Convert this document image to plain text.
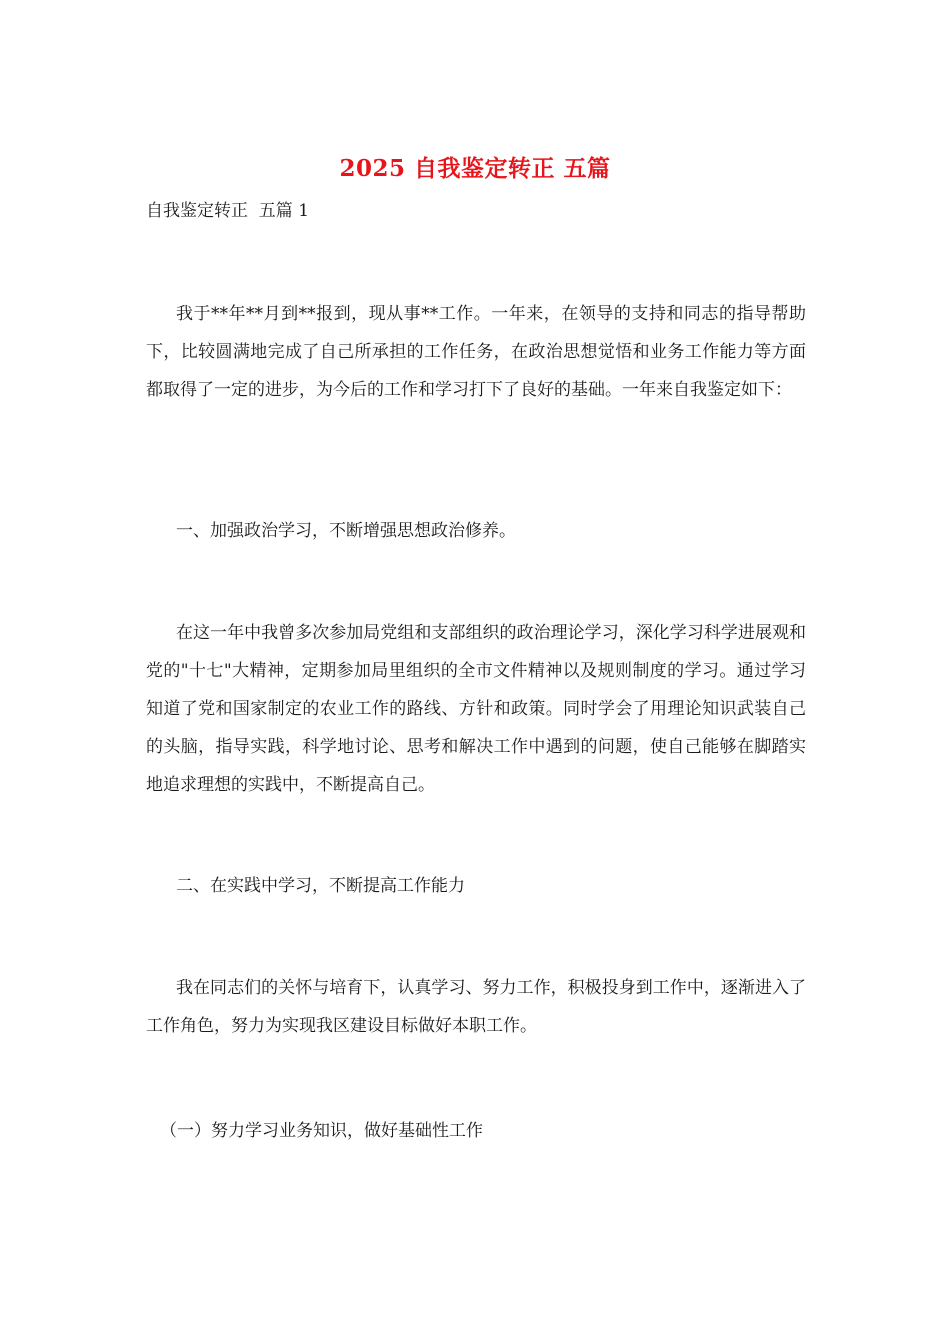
2025 自我鉴定转正 五篇
自我鉴定转正  五篇 1

我于**年**月到**报到，现从事**工作。一年来，在领导的支持和同志的指导帮助下，比较圆满地完成了自己所承担的工作任务，在政治思想觉悟和业务工作能力等方面都取得了一定的进步，为今后的工作和学习打下了良好的基础。一年来自我鉴定如下：

一、加强政治学习，不断增强思想政治修养。

在这一年中我曾多次参加局党组和支部组织的政治理论学习，深化学习科学进展观和党的"十七"大精神，定期参加局里组织的全市文件精神以及规则制度的学习。通过学习知道了党和国家制定的农业工作的路线、方针和政策。同时学会了用理论知识武装自己的头脑，指导实践，科学地讨论、思考和解决工作中遇到的问题，使自己能够在脚踏实地追求理想的实践中，不断提高自己。

二、在实践中学习，不断提高工作能力

我在同志们的关怀与培育下，认真学习、努力工作，积极投身到工作中，逐渐进入了工作角色，努力为实现我区建设目标做好本职工作。

（一）努力学习业务知识，做好基础性工作
